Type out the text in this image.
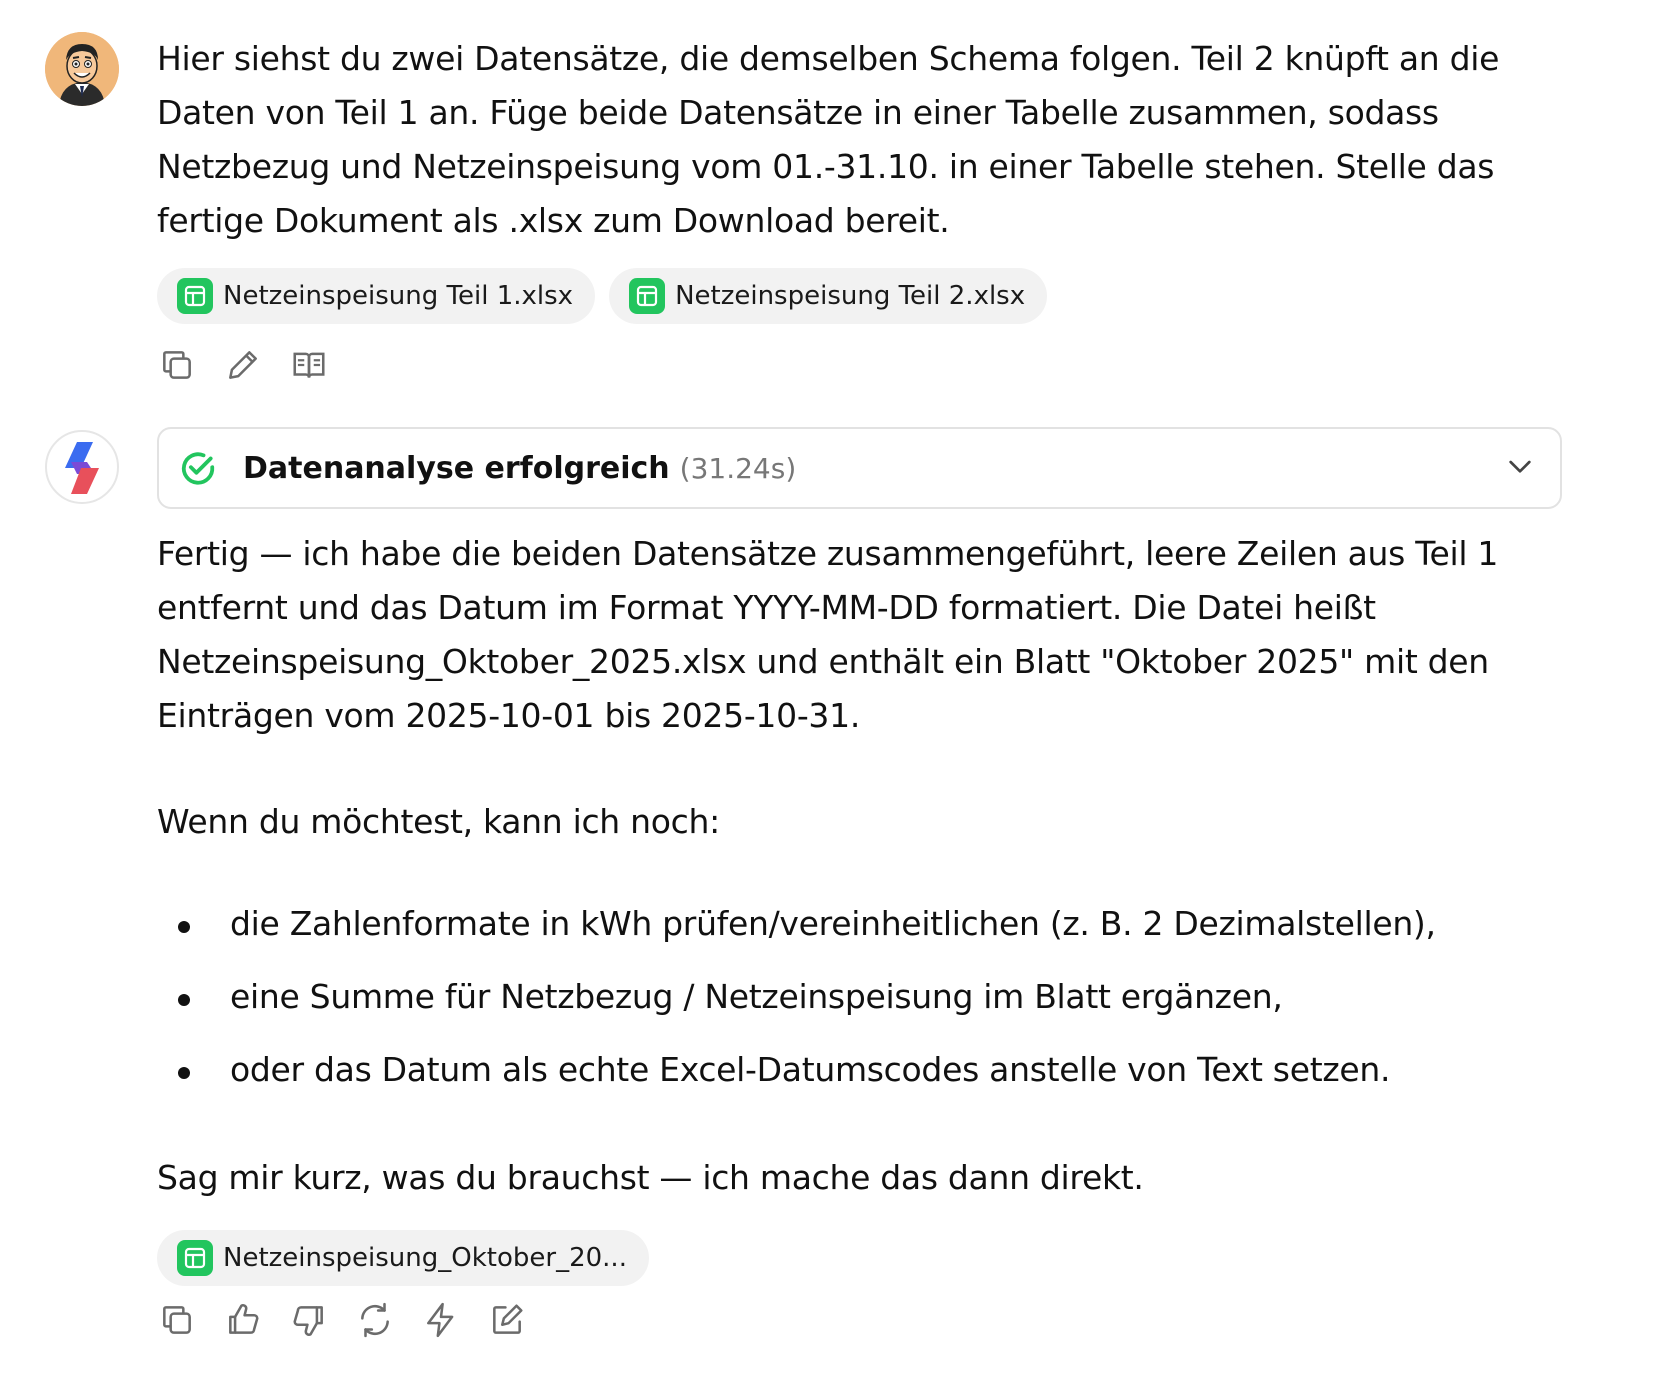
Hier siehst du zwei Datensätze, die demselben Schema folgen. Teil 2 knüpft an die Daten von Teil 1 an. Füge beide Datensätze in einer Tabelle zusammen, sodass Netzbezug und Netzeinspeisung vom 01.-31.10. in einer Tabelle stehen. Stelle das fertige Dokument als .xlsx zum Download bereit.

Netzeinspeisung Teil 1.xlsx	Netzeinspeisung Teil 2.xlsx
Datenanalyse erfolgreich (31.24s)

Fertig — ich habe die beiden Datensätze zusammengeführt, leere Zeilen aus Teil 1 entfernt und das Datum im Format YYYY-MM-DD formatiert. Die Datei heißt Netzeinspeisung_Oktober_2025.xlsx und enthält ein Blatt "Oktober 2025" mit den Einträgen vom 2025-10-01 bis 2025-10-31.

Wenn du möchtest, kann ich noch:

die Zahlenformate in kWh prüfen/vereinheitlichen (z. B. 2 Dezimalstellen),
eine Summe für Netzbezug / Netzeinspeisung im Blatt ergänzen,
oder das Datum als echte Excel-Datumscodes anstelle von Text setzen.

Sag mir kurz, was du brauchst — ich mache das dann direkt.

Netzeinspeisung_Oktober_20...
